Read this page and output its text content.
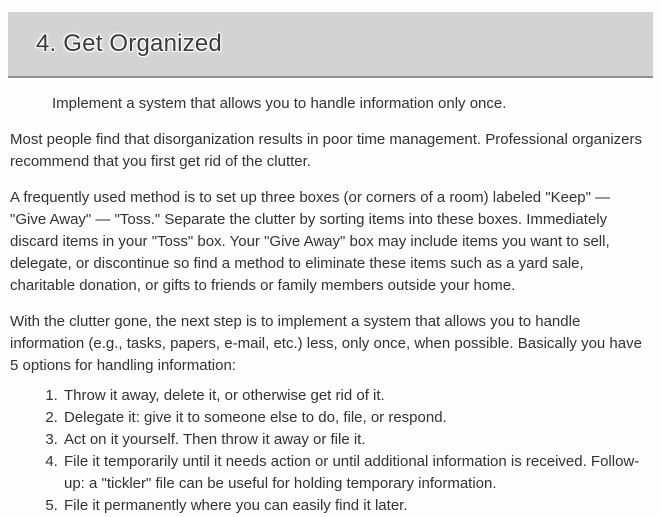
4. Get Organized

Implement a system that allows you to handle information only once.

Most people find that disorganization results in poor time management. Professional organizers recommend that you first get rid of the clutter.

A frequently used method is to set up three boxes (or corners of a room) labeled "Keep" — "Give Away" — "Toss." Separate the clutter by sorting items into these boxes. Immediately discard items in your "Toss" box. Your "Give Away" box may include items you want to sell, delegate, or discontinue so find a method to eliminate these items such as a yard sale, charitable donation, or gifts to friends or family members outside your home.

With the clutter gone, the next step is to implement a system that allows you to handle information (e.g., tasks, papers, e-mail, etc.) less, only once, when possible. Basically you have 5 options for handling information:

1. Throw it away, delete it, or otherwise get rid of it.
2. Delegate it: give it to someone else to do, file, or respond.
3. Act on it yourself. Then throw it away or file it.
4. File it temporarily until it needs action or until additional information is received. Follow-up: a "tickler" file can be useful for holding temporary information.
5. File it permanently where you can easily find it later.
